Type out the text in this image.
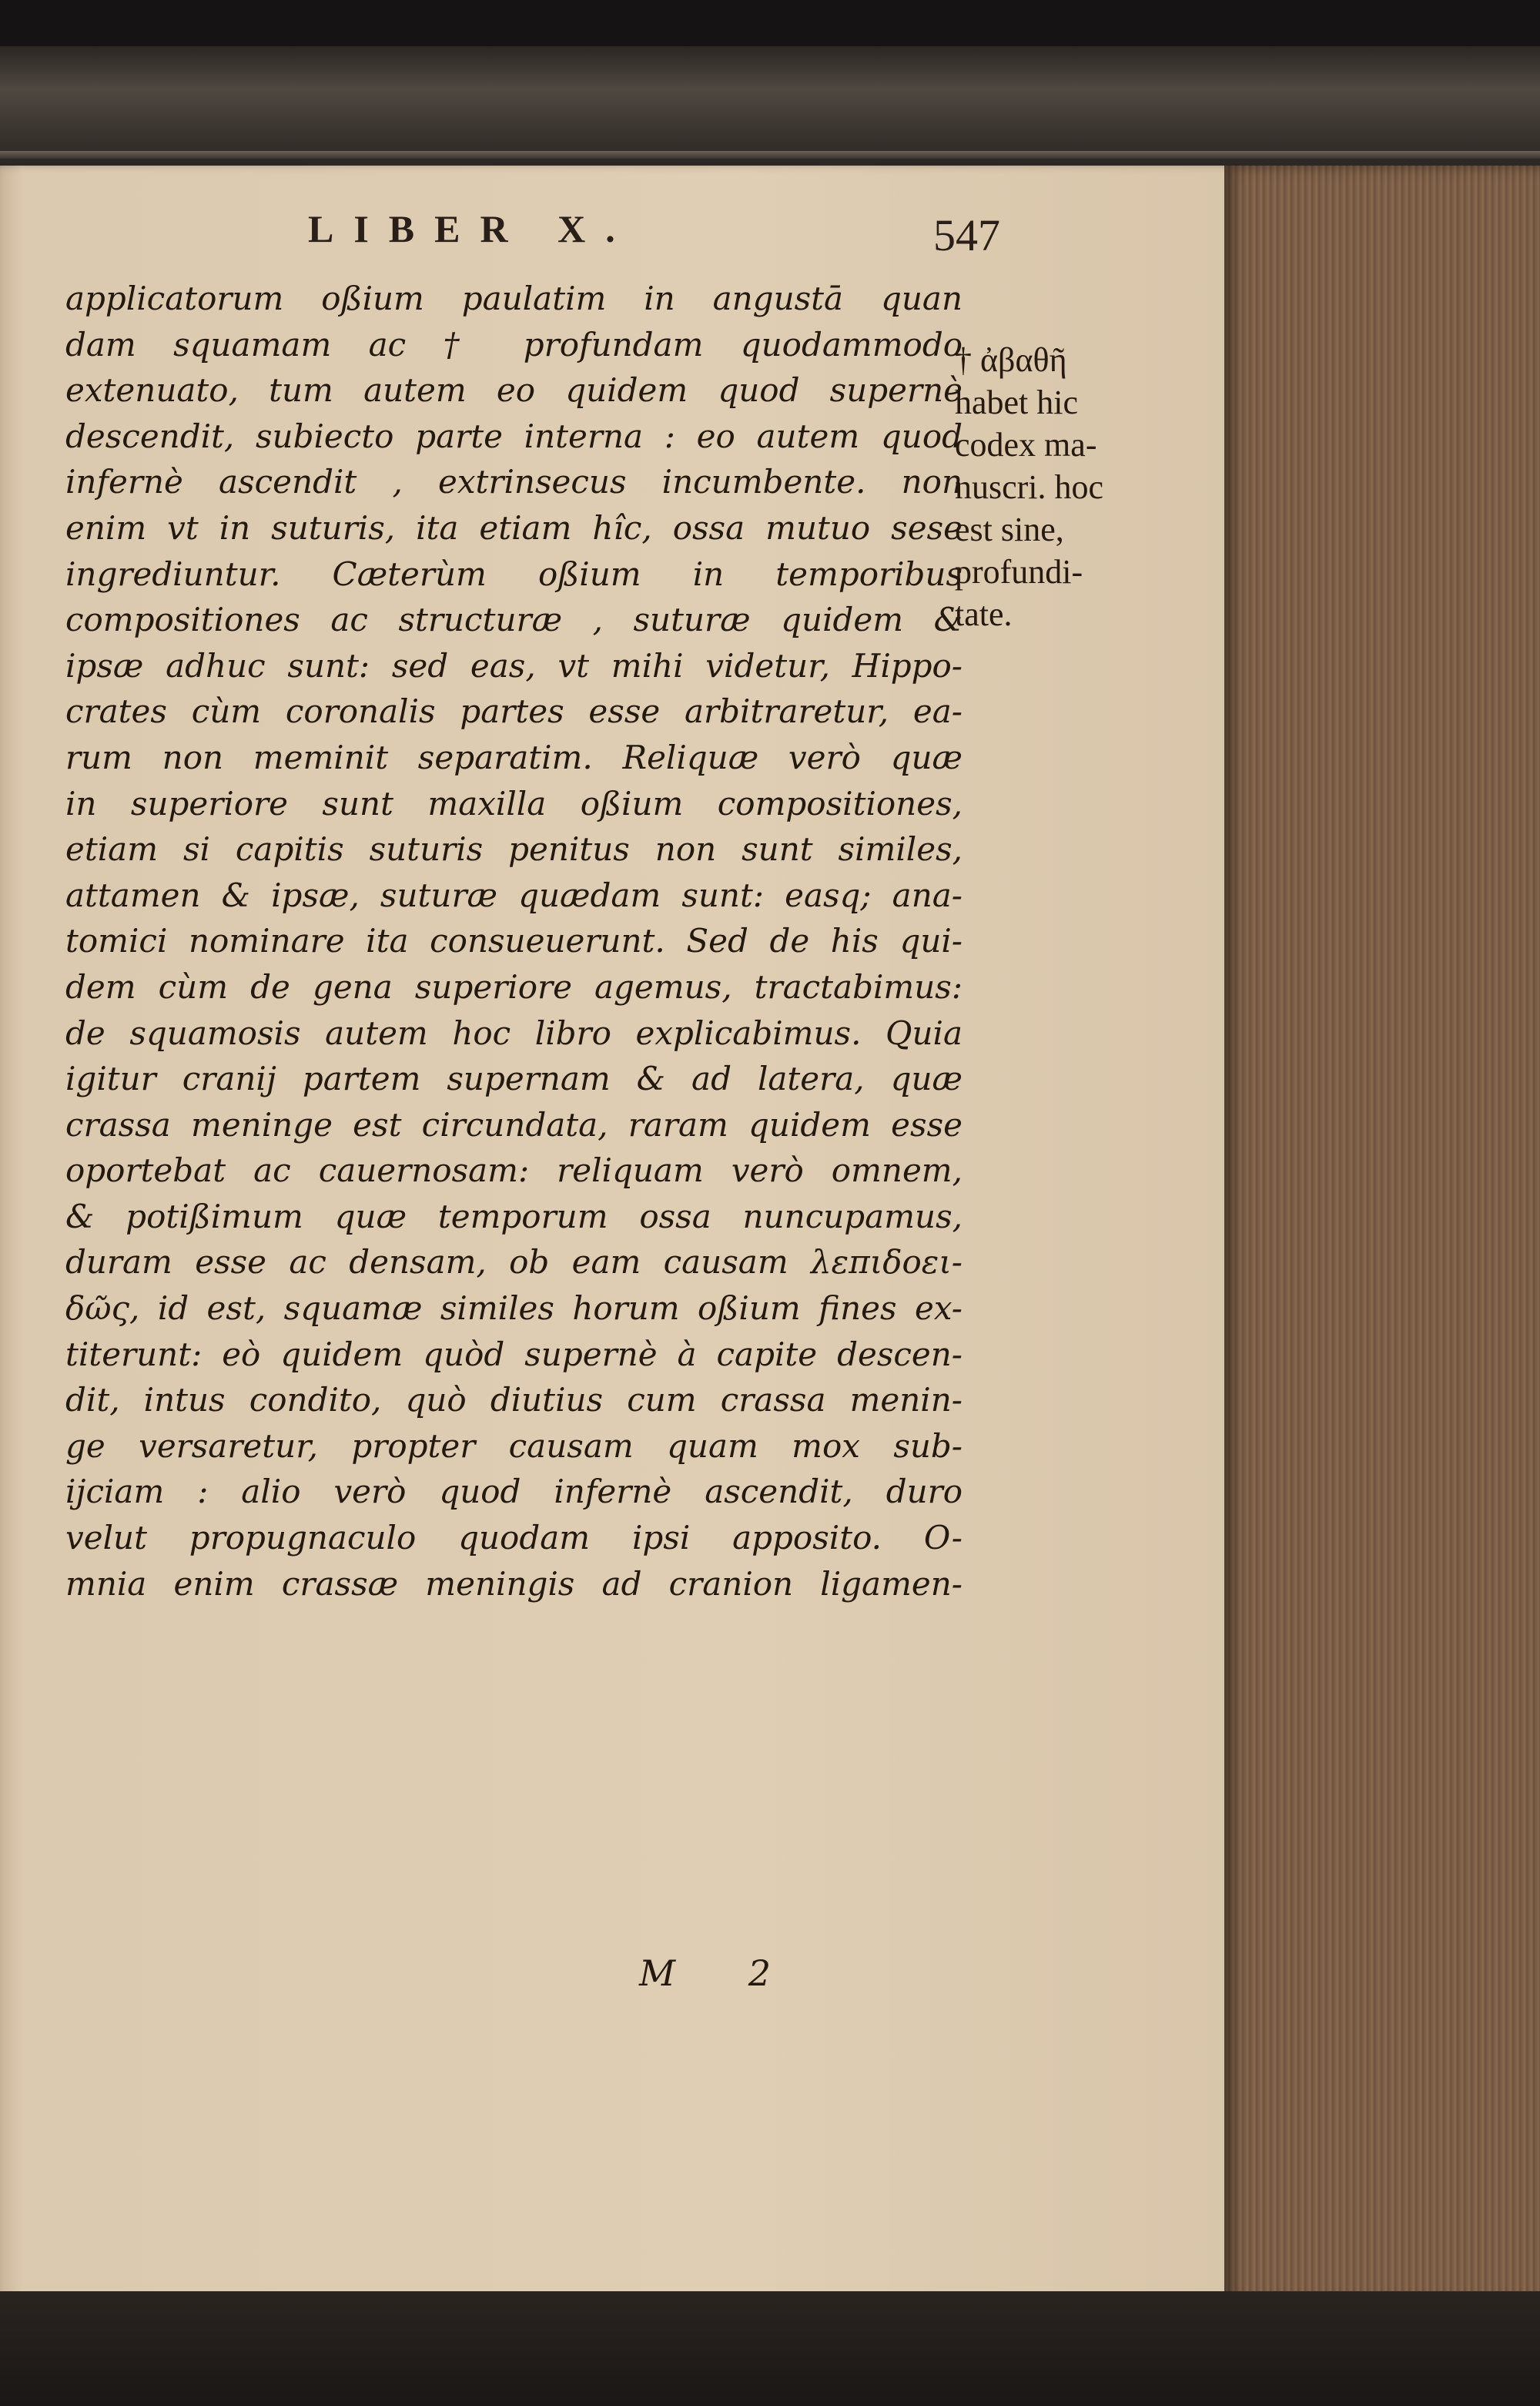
LIBER X.	547
applicatorum oßium paulatim in angustā quan
dam squamam ac † profundam quodammodo
extenuato, tum autem eo quidem quod supernè
descendit, subiecto parte interna : eo autem quod
infernè ascendit , extrinsecus incumbente. non
enim vt in suturis, ita etiam hîc, ossa mutuo sese
ingrediuntur. Cæterùm oßium in temporibus
compositiones ac structuræ , suturæ quidem &
ipsæ adhuc sunt: sed eas, vt mihi videtur, Hippo-
crates cùm coronalis partes esse arbitraretur, ea-
rum non meminit separatim. Reliquæ verò quæ
in superiore sunt maxilla oßium compositiones,
etiam si capitis suturis penitus non sunt similes,
attamen & ipsæ, suturæ quædam sunt: easq; ana-
tomici nominare ita consueuerunt. Sed de his qui-
dem cùm de gena superiore agemus, tractabimus:
de squamosis autem hoc libro explicabimus. Quia
igitur cranij partem supernam & ad latera, quæ
crassa meninge est circundata, raram quidem esse
oportebat ac cauernosam: reliquam verò omnem,
& potißimum quæ temporum ossa nuncupamus,
duram esse ac densam, ob eam causam λεπιδοει-
δῶς, id est, squamæ similes horum oßium fines ex-
titerunt: eò quidem quòd supernè à capite descen-
dit, intus condito, quò diutius cum crassa menin-
ge versaretur, propter causam quam mox sub-
ijciam : alio verò quod infernè ascendit, duro
velut propugnaculo quodam ipsi apposito. O-
mnia enim crassæ meningis ad cranion ligamen-
† ἀβαθῆ
habet hic
codex ma-
nuscri. hoc
est sine,
profundi-
tate.
M 2
